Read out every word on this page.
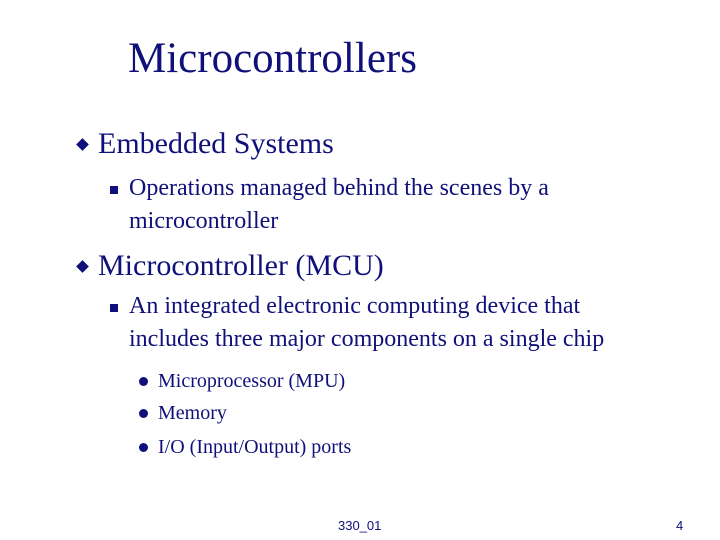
Microcontrollers
Embedded Systems
Operations managed behind the scenes by a
microcontroller
Microcontroller (MCU)
An integrated electronic computing device that
includes three major components on a single chip
Microprocessor (MPU)
Memory
I/O (Input/Output) ports
330_01	4
